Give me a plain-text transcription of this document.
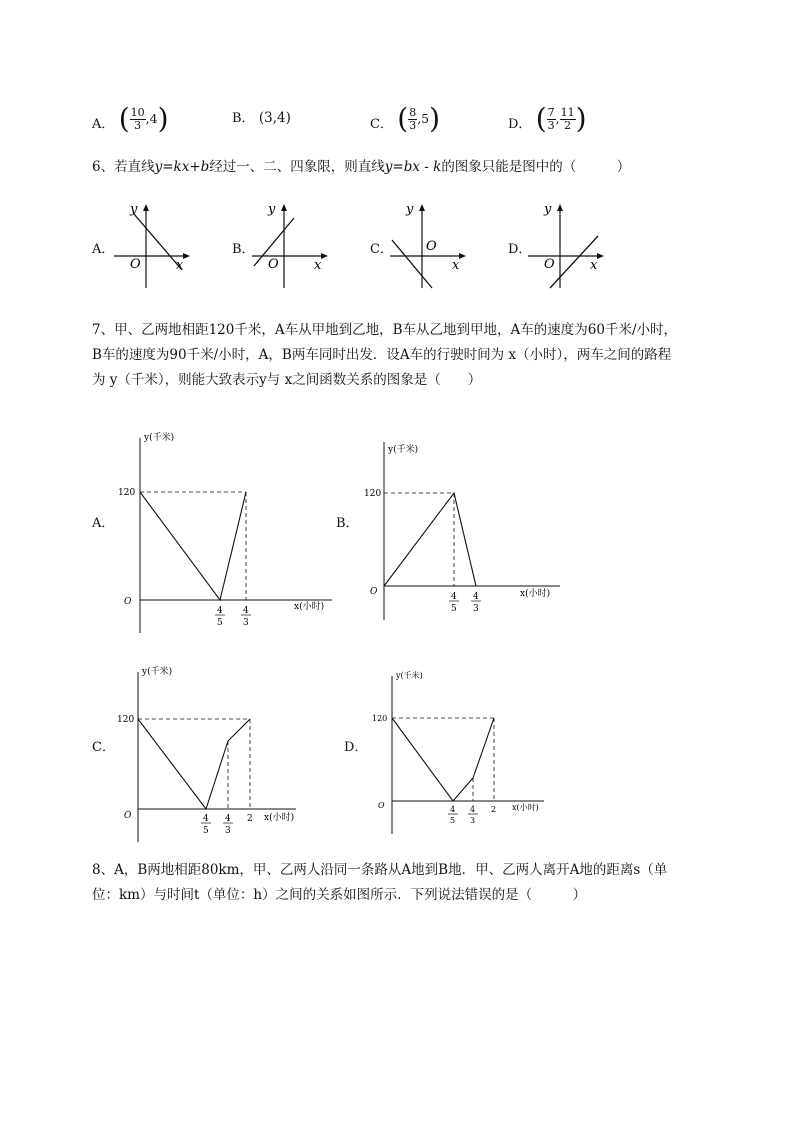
A． ( $\frac{10}{3}$ , 4 )	B． (3,4)	C． ( $\frac{8}{3}$ , 5 )	D． ( $\frac{7}{3}$ , $\frac{11}{2}$ )
6、若直线y=kx+b经过一、二、四象限，则直线y=bx - k的图象只能是图中的（　　　）
A．	B．	C．	D．
y
x
O
y
x
O
y
x
O
y
x
O
7、甲、乙两地相距120千米，A车从甲地到乙地，B车从乙地到甲地，A车的速度为60千米/小时，
B车的速度为90千米/小时，A，B两车同时出发．设A车的行驶时间为 x（小时），两车之间的路程
为 y（千米），则能大致表示y与 x之间函数关系的图象是（　　）
A．	B．
C．	D．
y(千米)
120
O	x(小时)
4
5
4
3
y(千米)
120
O	x(小时)
4
5
4
3
y(千米)
120
O	x(小时)
4
5
4
3
2
y(千米)
120
O	x(小时)
4
5
4
3
2
8、A，B两地相距80km，甲、乙两人沿同一条路从A地到B地．甲、乙两人离开A地的距离s（单
位：km）与时间t（单位：h）之间的关系如图所示．下列说法错误的是（　　　）
